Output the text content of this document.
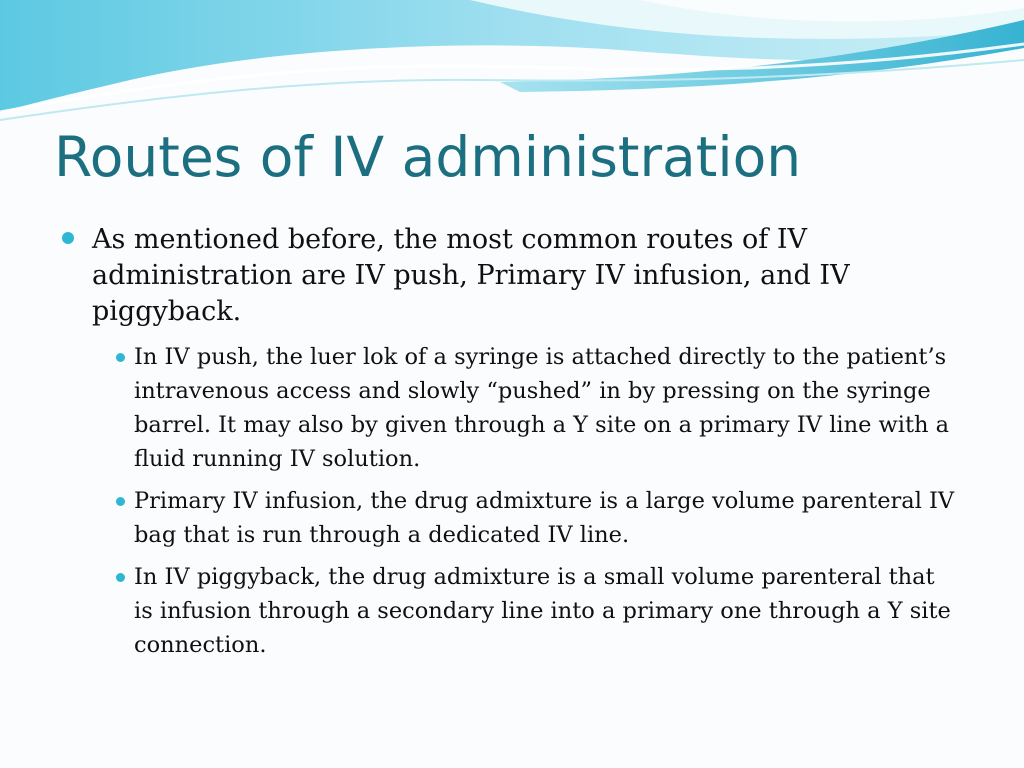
Routes of IV administration
As mentioned before, the most common routes of IV administration are IV push, Primary IV infusion, and IV piggyback.
In IV push, the luer lok of a syringe is attached directly to the patient’s intravenous access and slowly “pushed” in by pressing on the syringe barrel. It may also by given through a Y site on a primary IV line with a fluid running IV solution.
Primary IV infusion, the drug admixture is a large volume parenteral IV bag that is run through a dedicated IV line.
In IV piggyback, the drug admixture is a small volume parenteral that is infusion through a secondary line into a primary one through a Y site connection.
